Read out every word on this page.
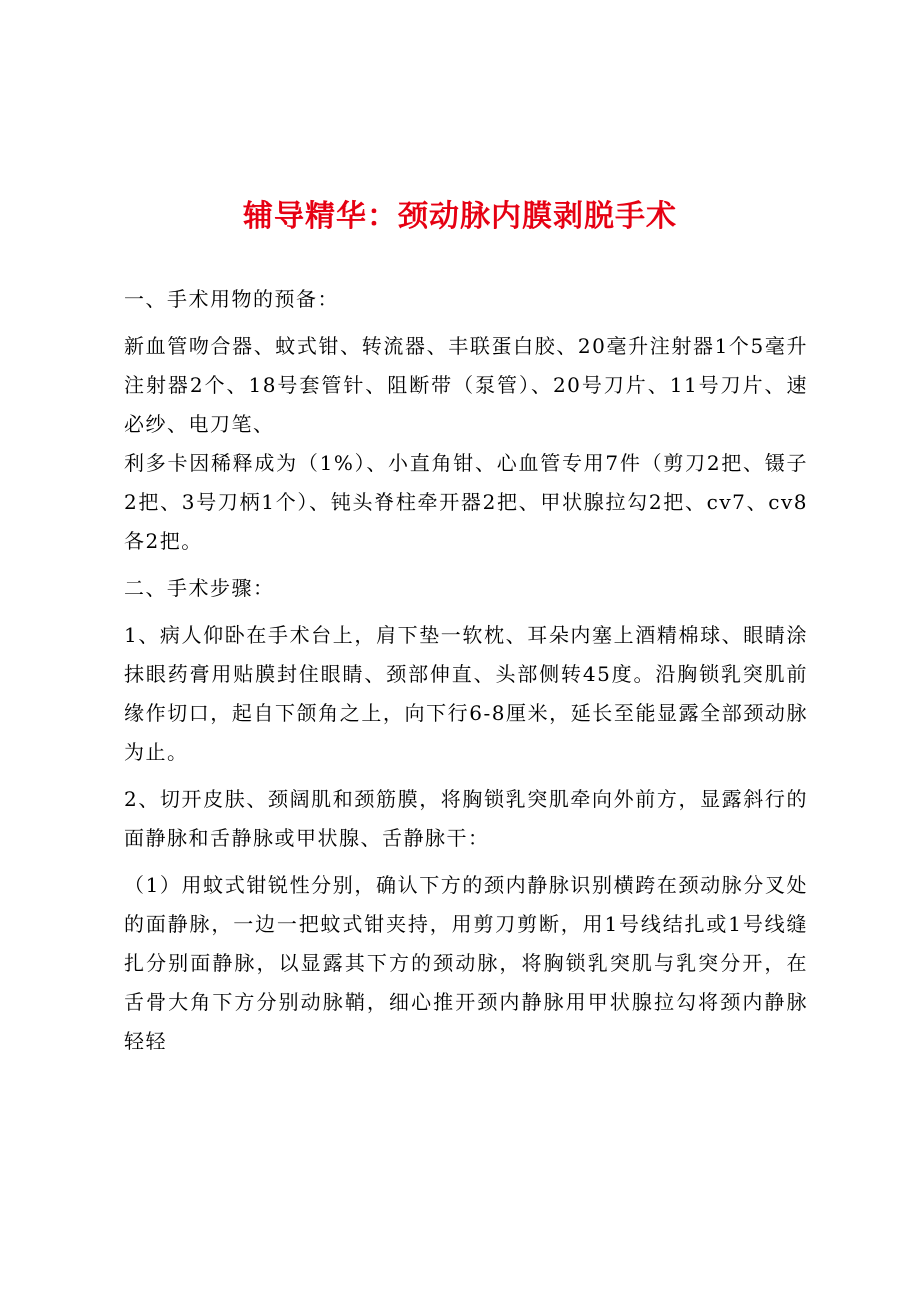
辅导精华：颈动脉内膜剥脱手术

一、手术用物的预备：

新血管吻合器、蚊式钳、转流器、丰联蛋白胶、20毫升注射器1个5毫升注射器2个、18号套管针、阻断带（泵管）、20号刀片、11号刀片、速必纱、电刀笔、

利多卡因稀释成为（1%）、小直角钳、心血管专用7件（剪刀2把、镊子2把、3号刀柄1个）、钝头脊柱牵开器2把、甲状腺拉勾2把、cv7、cv8各2把。

二、手术步骤：

1、病人仰卧在手术台上，肩下垫一软枕、耳朵内塞上酒精棉球、眼睛涂抹眼药膏用贴膜封住眼睛、颈部伸直、头部侧转45度。沿胸锁乳突肌前缘作切口，起自下颌角之上，向下行6-8厘米，延长至能显露全部颈动脉为止。

2、切开皮肤、颈阔肌和颈筋膜，将胸锁乳突肌牵向外前方，显露斜行的面静脉和舌静脉或甲状腺、舌静脉干：

（1）用蚊式钳锐性分别，确认下方的颈内静脉识别横跨在颈动脉分叉处的面静脉，一边一把蚊式钳夹持，用剪刀剪断，用1号线结扎或1号线缝扎分别面静脉，以显露其下方的颈动脉，将胸锁乳突肌与乳突分开，在舌骨大角下方分别动脉鞘，细心推开颈内静脉用甲状腺拉勾将颈内静脉轻轻
